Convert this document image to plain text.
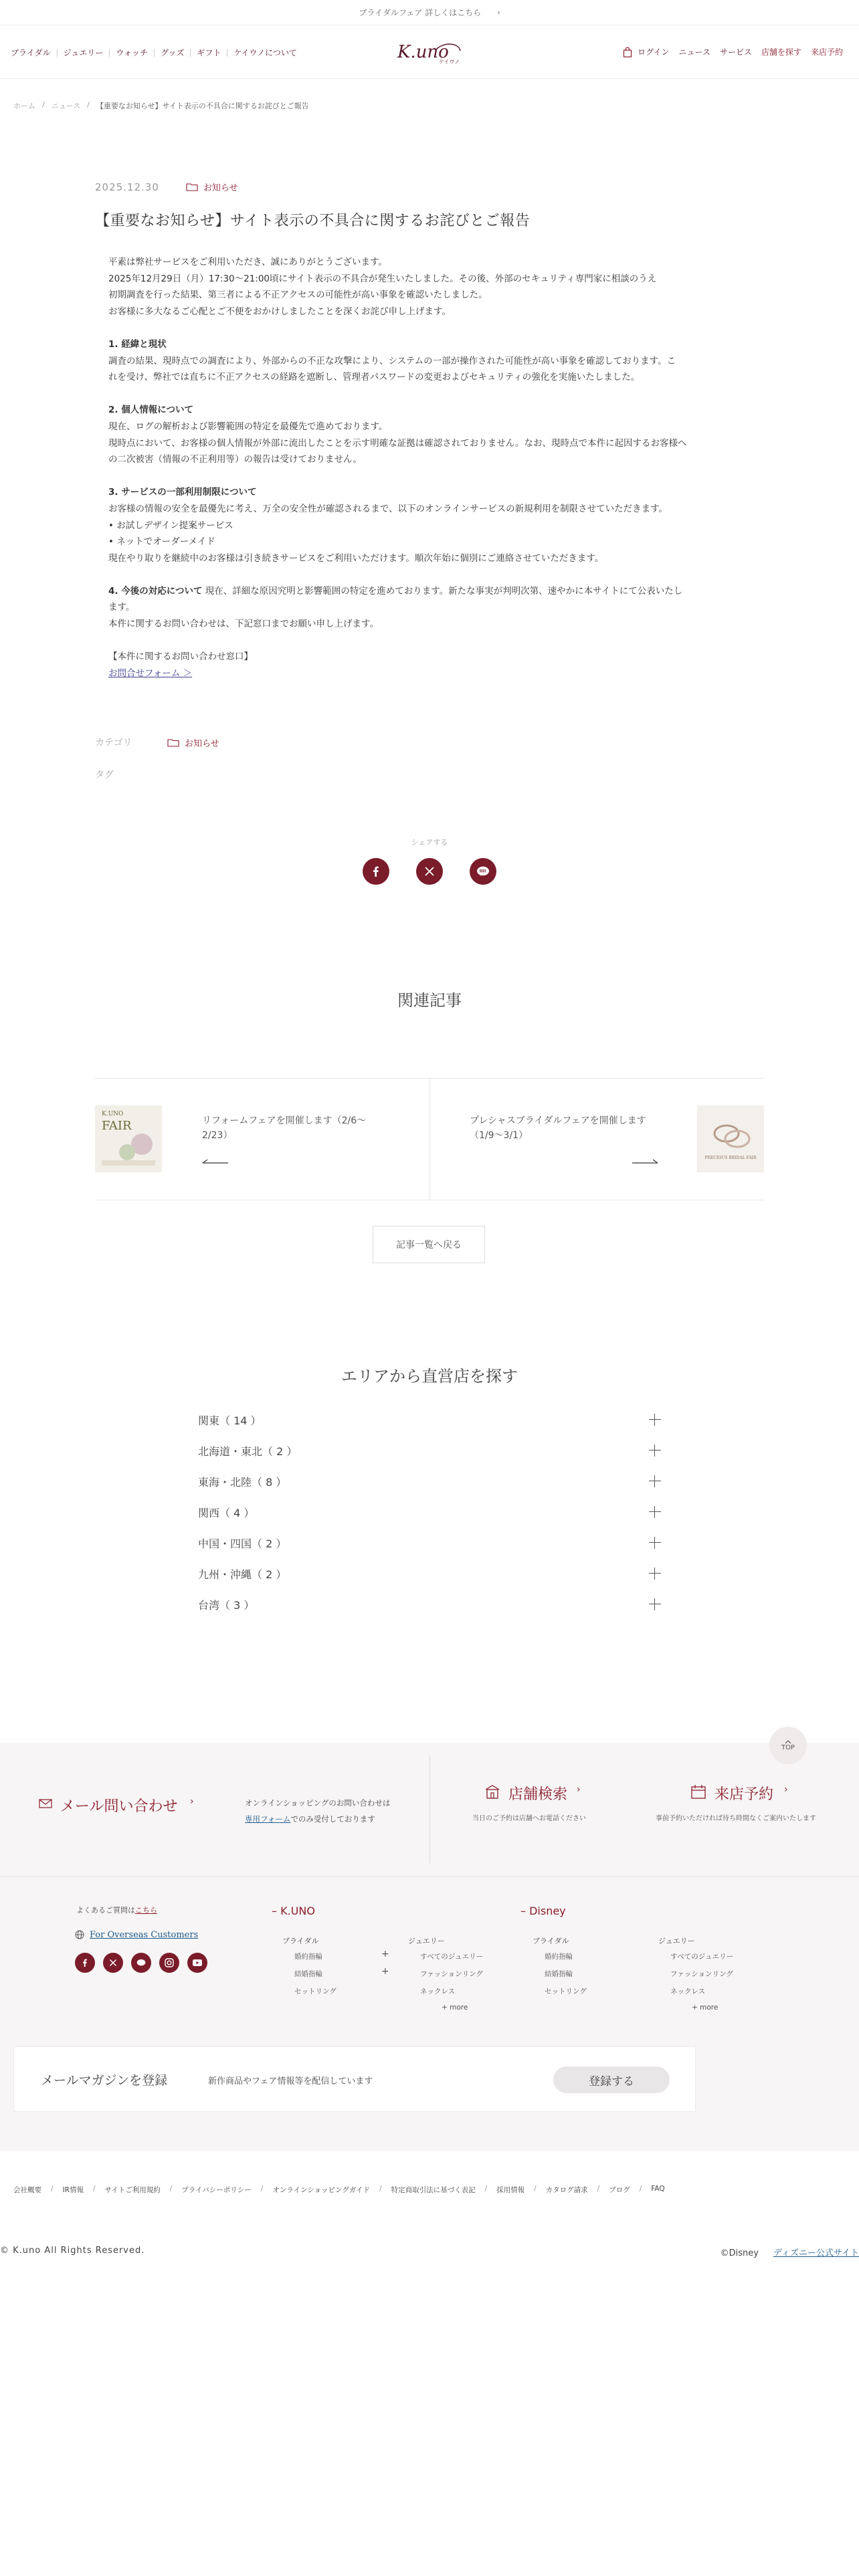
ブライダルフェア 詳しくはこちら ›
ブライダル ジュエリー ウォッチ グッズ ギフト ケイウノについて	K.uno
ケイウノ
ログイン ニュース サービス 店舗を探す 来店予約
ホーム / ニュース / 【重要なお知らせ】サイト表示の不具合に関するお詫びとご報告
2025.12.30	お知らせ
【重要なお知らせ】サイト表示の不具合に関するお詫びとご報告

平素は弊社サービスをご利用いただき、誠にありがとうございます。
2025年12月29日（月）17:30～21:00頃にサイト表示の不具合が発生いたしました。その後、外部のセキュリティ専門家に相談のうえ
初期調査を行った結果、第三者による不正アクセスの可能性が高い事象を確認いたしました。
お客様に多大なるご心配とご不便をおかけしましたことを深くお詫び申し上げます。

1. 経緯と現状
調査の結果、現時点での調査により、外部からの不正な攻撃により、システムの一部が操作された可能性が高い事象を確認しております。こ
れを受け、弊社では直ちに不正アクセスの経路を遮断し、管理者パスワードの変更およびセキュリティの強化を実施いたしました。

2. 個人情報について
現在、ログの解析および影響範囲の特定を最優先で進めております。
現時点において、お客様の個人情報が外部に流出したことを示す明確な証拠は確認されておりません。なお、現時点で本件に起因するお客様へ
の二次被害（情報の不正利用等）の報告は受けておりません。

3. サービスの一部利用制限について
お客様の情報の安全を最優先に考え、万全の安全性が確認されるまで、以下のオンラインサービスの新規利用を制限させていただきます。
• お試しデザイン提案サービス
• ネットでオーダーメイド
現在やり取りを継続中のお客様は引き続きサービスをご利用いただけます。順次年始に個別にご連絡させていただきます。

4. 今後の対応について 現在、詳細な原因究明と影響範囲の特定を進めております。新たな事実が判明次第、速やかに本サイトにて公表いたし
ます。
本件に関するお問い合わせは、下記窓口までお願い申し上げます。

【本件に関するお問い合わせ窓口】
お問合せフォーム ＞

カテゴリ	お知らせ
タグ
シェアする
関連記事
K.UNO
FAIR	リフォームフェアを開催します（2/6～
2/23）
プレシャスブライダルフェアを開催します
（1/9～3/1）
PRECIOUS BRIDAL FAIR
記事一覧へ戻る
エリアから直営店を探す
関東（ 14 ）
北海道・東北（ 2 ）
東海・北陸（ 8 ）
関西（ 4 ）
中国・四国（ 2 ）
九州・沖縄（ 2 ）
台湾（ 3 ）
メール問い合わせ ›	オンラインショッピングのお問い合わせは
専用フォームでのみ受付しております
店舗検索 ›
当日のご予約は店舗へお電話ください
来店予約 ›
事前予約いただければ待ち時間なくご案内いたします
TOP
よくあるご質問はこちら
For Overseas Customers
– K.UNO
ブライダル
婚約指輪
結婚指輪
セットリング
+
+
ジュエリー
すべてのジュエリー
ファッションリング
ネックレス
+ more
– Disney
ブライダル
婚約指輪
結婚指輪
セットリング
ジュエリー
すべてのジュエリー
ファッションリング
ネックレス
+ more
メールマガジンを登録	新作商品やフェア情報等を配信しています	登録する
会社概要 / IR情報 / サイトご利用規約 / プライバシーポリシー / オンラインショッピングガイド / 特定商取引法に基づく表記 / 採用情報 / カタログ請求 / ブログ / FAQ
© K.uno All Rights Reserved.	©Disney ディズニー公式サイト
